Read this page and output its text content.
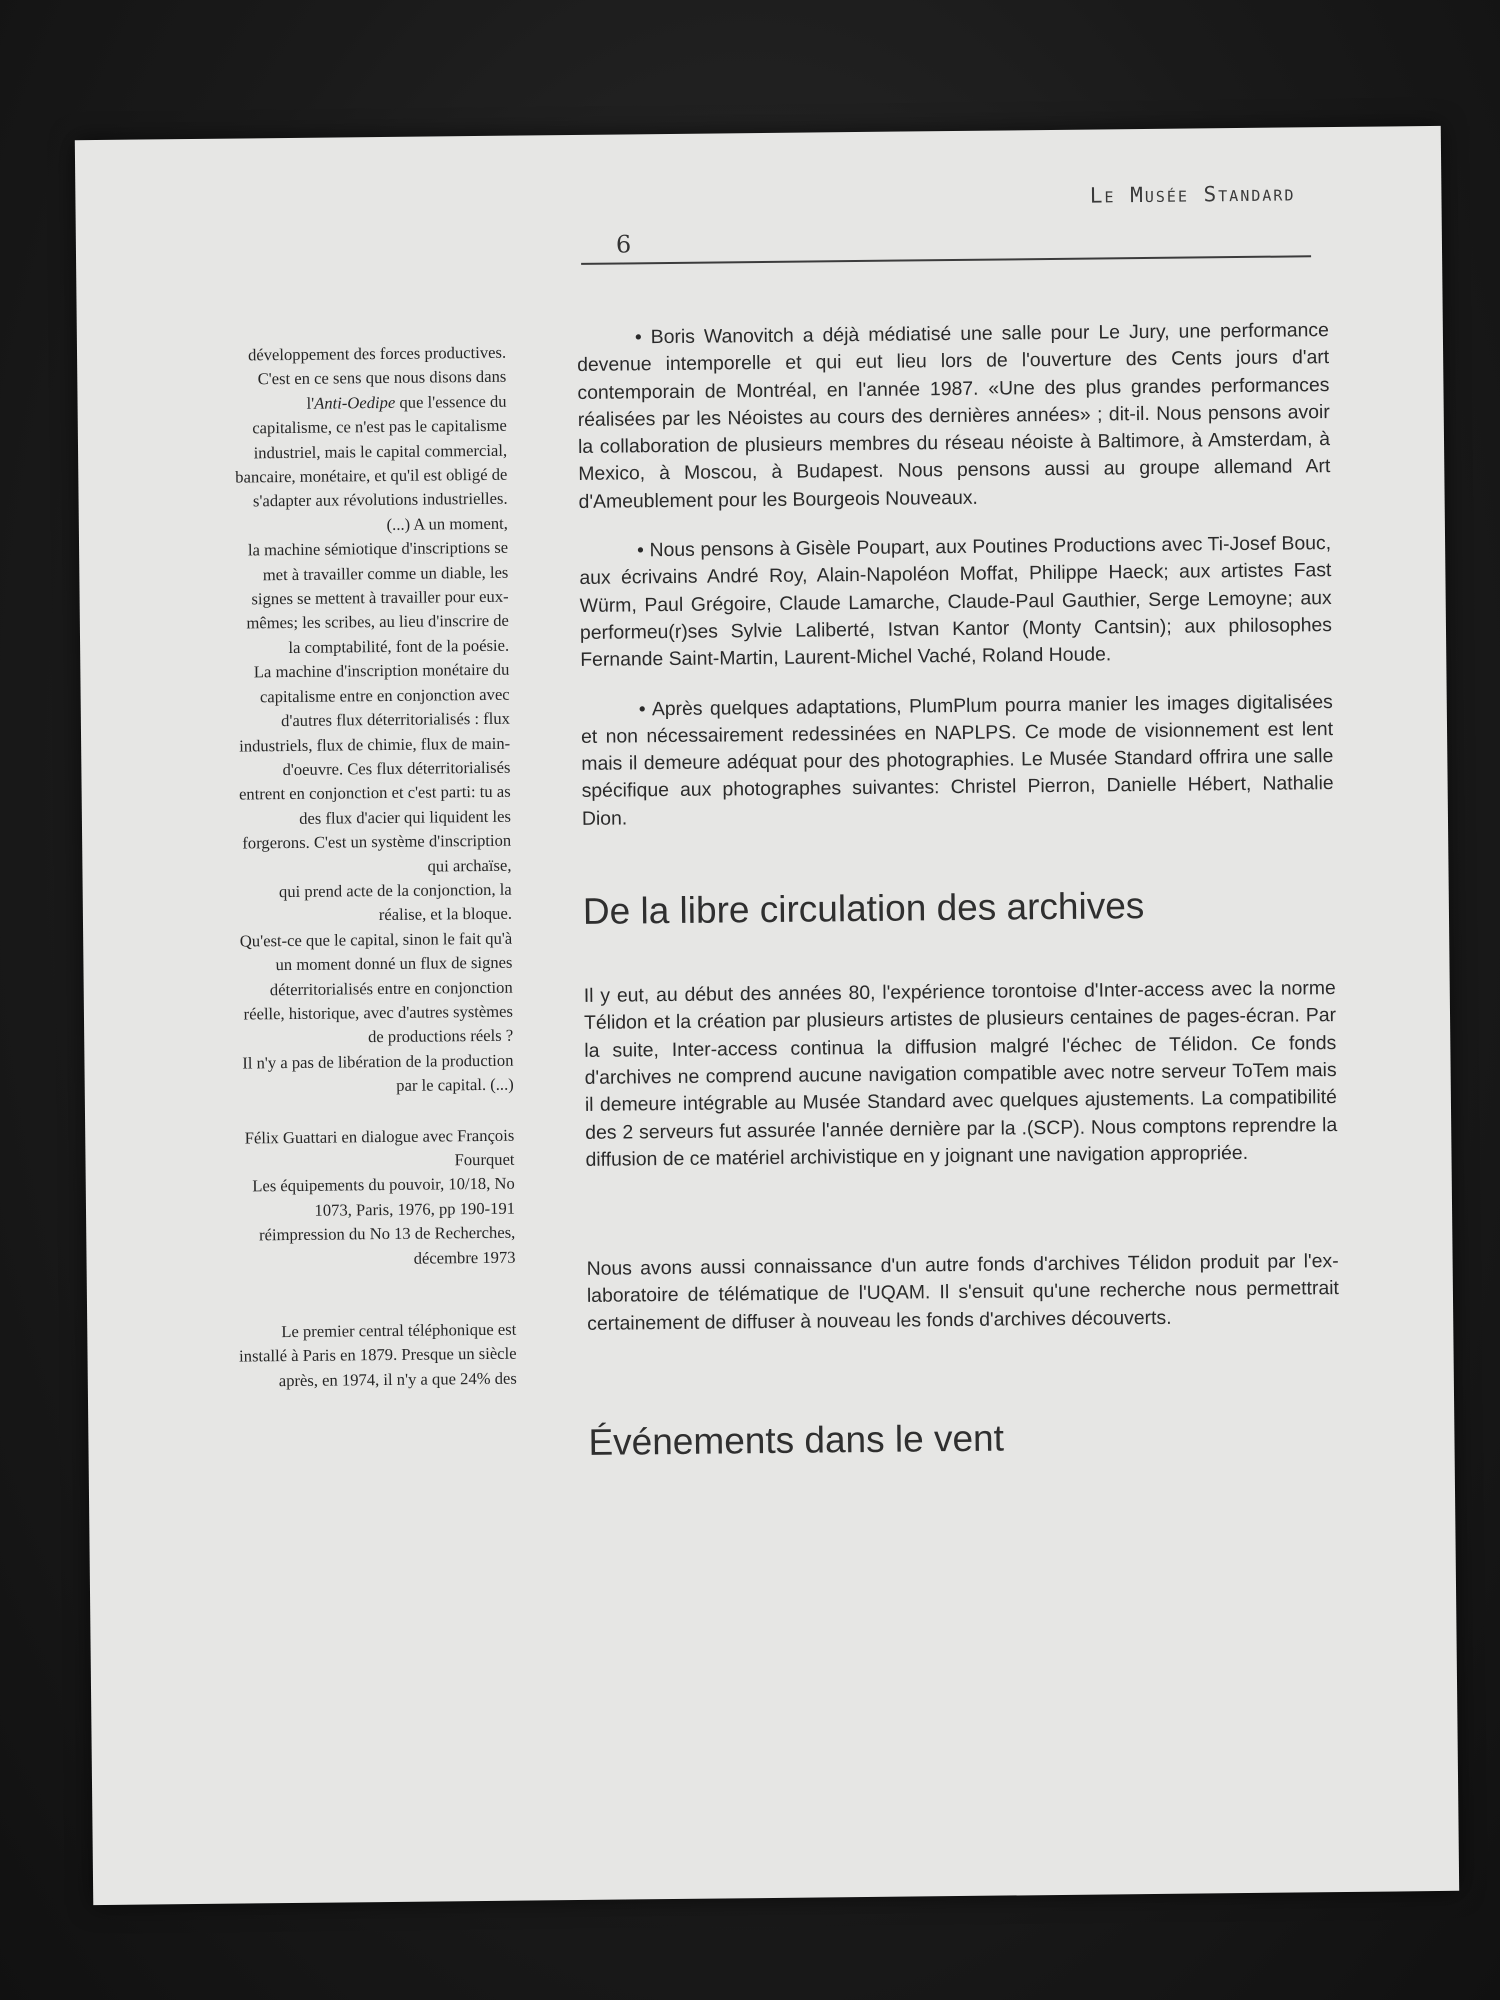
Le Musée Standard
6

développement des forces productives.
C'est en ce sens que nous disons dans
l'Anti-Oedipe que l'essence du
capitalisme, ce n'est pas le capitalisme
industriel, mais le capital commercial,
bancaire, monétaire, et qu'il est obligé de
s'adapter aux révolutions industrielles.
(...) A un moment,
la machine sémiotique d'inscriptions se
met à travailler comme un diable, les
signes se mettent à travailler pour eux-
mêmes; les scribes, au lieu d'inscrire de
la comptabilité, font de la poésie.
La machine d'inscription monétaire du
capitalisme entre en conjonction avec
d'autres flux déterritorialisés : flux
industriels, flux de chimie, flux de main-
d'oeuvre. Ces flux déterritorialisés
entrent en conjonction et c'est parti: tu as
des flux d'acier qui liquident les
forgerons. C'est un système d'inscription
qui archaïse,
qui prend acte de la conjonction, la
réalise, et la bloque.
Qu'est-ce que le capital, sinon le fait qu'à
un moment donné un flux de signes
déterritorialisés entre en conjonction
réelle, historique, avec d'autres systèmes
de productions réels ?
Il n'y a pas de libération de la production
par le capital. (...)

Félix Guattari en dialogue avec François
Fourquet
Les équipements du pouvoir, 10/18, No
1073, Paris, 1976, pp 190-191
réimpression du No 13 de Recherches,
décembre 1973

Le premier central téléphonique est
installé à Paris en 1879. Presque un siècle
après, en 1974, il n'y a que 24% des

• Boris Wanovitch a déjà médiatisé une salle pour Le Jury, une performance devenue intemporelle et qui eut lieu lors de l'ouverture des Cents jours d'art contemporain de Montréal, en l'année 1987. «Une des plus grandes performances réalisées par les Néoistes au cours des dernières années» ; dit-il. Nous pensons avoir la collaboration de plusieurs membres du réseau néoiste à Baltimore, à Amsterdam, à Mexico, à Moscou, à Budapest. Nous pensons aussi au groupe allemand Art d'Ameublement pour les Bourgeois Nouveaux.

• Nous pensons à Gisèle Poupart, aux Poutines Productions avec Ti-Josef Bouc, aux écrivains André Roy, Alain-Napoléon Moffat, Philippe Haeck; aux artistes Fast Würm, Paul Grégoire, Claude Lamarche, Claude-Paul Gauthier, Serge Lemoyne; aux performeu(r)ses Sylvie Laliberté, Istvan Kantor (Monty Cantsin); aux philosophes Fernande Saint-Martin, Laurent-Michel Vaché, Roland Houde.

• Après quelques adaptations, PlumPlum pourra manier les images digitalisées et non nécessairement redessinées en NAPLPS. Ce mode de visionnement est lent mais il demeure adéquat pour des photographies. Le Musée Standard offrira une salle spécifique aux photographes suivantes: Christel Pierron, Danielle Hébert, Nathalie Dion.

De la libre circulation des archives

Il y eut, au début des années 80, l'expérience torontoise d'Inter-access avec la norme Télidon et la création par plusieurs artistes de plusieurs centaines de pages-écran. Par la suite, Inter-access continua la diffusion malgré l'échec de Télidon. Ce fonds d'archives ne comprend aucune navigation compatible avec notre serveur ToTem mais il demeure intégrable au Musée Standard avec quelques ajustements. La compatibilité des 2 serveurs fut assurée l'année dernière par la .(SCP). Nous comptons reprendre la diffusion de ce matériel archivistique en y joignant une navigation appropriée.

Nous avons aussi connaissance d'un autre fonds d'archives Télidon produit par l'ex-laboratoire de télématique de l'UQAM. Il s'ensuit qu'une recherche nous permettrait certainement de diffuser à nouveau les fonds d'archives découverts.

Événements dans le vent
